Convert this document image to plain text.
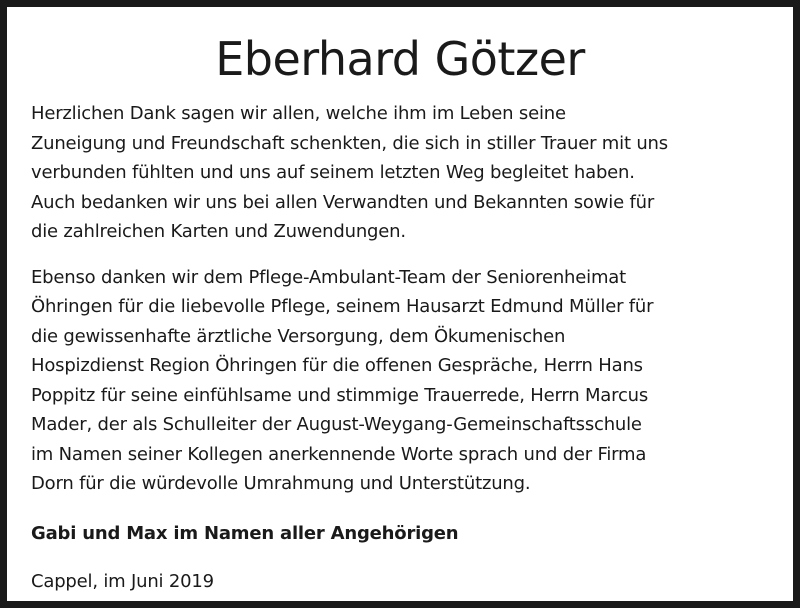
Eberhard Götzer

Herzlichen Dank sagen wir allen, welche ihm im Leben seine
Zuneigung und Freundschaft schenkten, die sich in stiller Trauer mit uns
verbunden fühlten und uns auf seinem letzten Weg begleitet haben.
Auch bedanken wir uns bei allen Verwandten und Bekannten sowie für
die zahlreichen Karten und Zuwendungen.

Ebenso danken wir dem Pflege-Ambulant-Team der Seniorenheimat
Öhringen für die liebevolle Pflege, seinem Hausarzt Edmund Müller für
die gewissenhafte ärztliche Versorgung, dem Ökumenischen
Hospizdienst Region Öhringen für die offenen Gespräche, Herrn Hans
Poppitz für seine einfühlsame und stimmige Trauerrede, Herrn Marcus
Mader, der als Schulleiter der August-Weygang-Gemeinschaftsschule
im Namen seiner Kollegen anerkennende Worte sprach und der Firma
Dorn für die würdevolle Umrahmung und Unterstützung.

Gabi und Max im Namen aller Angehörigen

Cappel, im Juni 2019
